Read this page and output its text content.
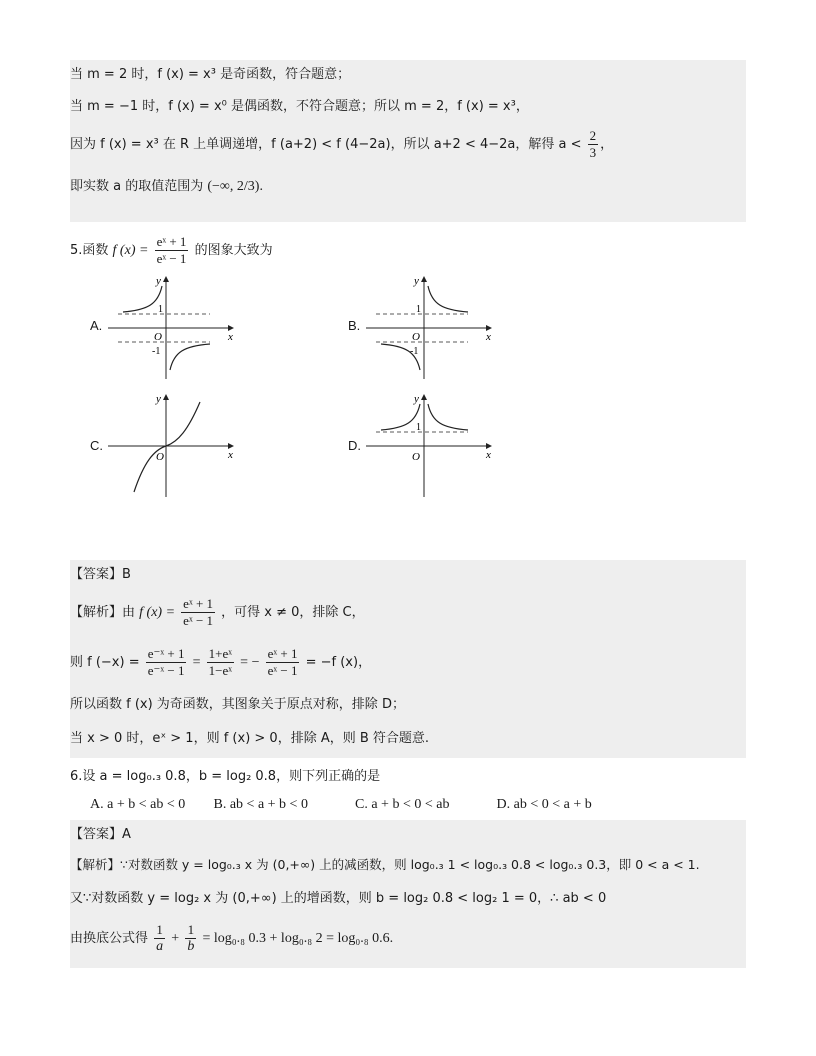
当 m = 2 时，f (x) = x³ 是奇函数，符合题意；
当 m = −1 时，f (x) = x⁰ 是偶函数，不符合题意；所以 m = 2，f (x) = x³，
因为 f (x) = x³ 在 R 上单调递增，f (a+2) < f (4−2a)，所以 a+2 < 4−2a，解得 $a < \frac{2}{3}$ ，
即实数 a 的取值范围为 (−∞, 2/3).
5.函数 f $(x) = \frac{\text{eˣ + 1}}{\text{eˣ − 1}}$ 的图象大致为
A.
y
x
O
1
-1
B.
y
x
O
1
-1
C.
y
x
O
D.
y
x
O
1
【答案】B
【解析】由 f $(x) = \frac{\text{eˣ + 1}}{\text{eˣ − 1}}$ ，可得 x ≠ 0，排除 C，
则 f $(-x) = \frac{\text{e⁻ˣ + 1}}{\text{e⁻ˣ − 1}} = \frac{\text{1+eˣ}}{\text{1−eˣ}}$ = − $\frac{\text{eˣ + 1}}{\text{eˣ − 1}} = -f$ (x)，
所以函数 f (x) 为奇函数，其图象关于原点对称，排除 D；
当 x > 0 时，eˣ > 1，则 f (x) > 0，排除 A，则 B 符合题意.
6.设 a = log₀.₃ 0.8，b = log₂ 0.8，则下列正确的是
A. a + b < ab < 0 B. ab < a + b < 0	C. a + b < 0 < ab	D. ab < 0 < a + b
【答案】A
【解析】∵对数函数 y = log₀.₃ x 为 (0,+∞) 上的减函数，则 log₀.₃ 1 < log₀.₃ 0.8 < log₀.₃ 0.3，即 0 < a < 1.
又∵对数函数 y = log₂ x 为 (0,+∞) 上的增函数，则 b = log₂ 0.8 < log₂ 1 = 0，∴ ab < 0
由换底公式得 $\frac{1}{a} + \frac{1}{b} = \log_0._8$ 0.3 + log₀.₈ 2 = log₀.₈ 0.6.
